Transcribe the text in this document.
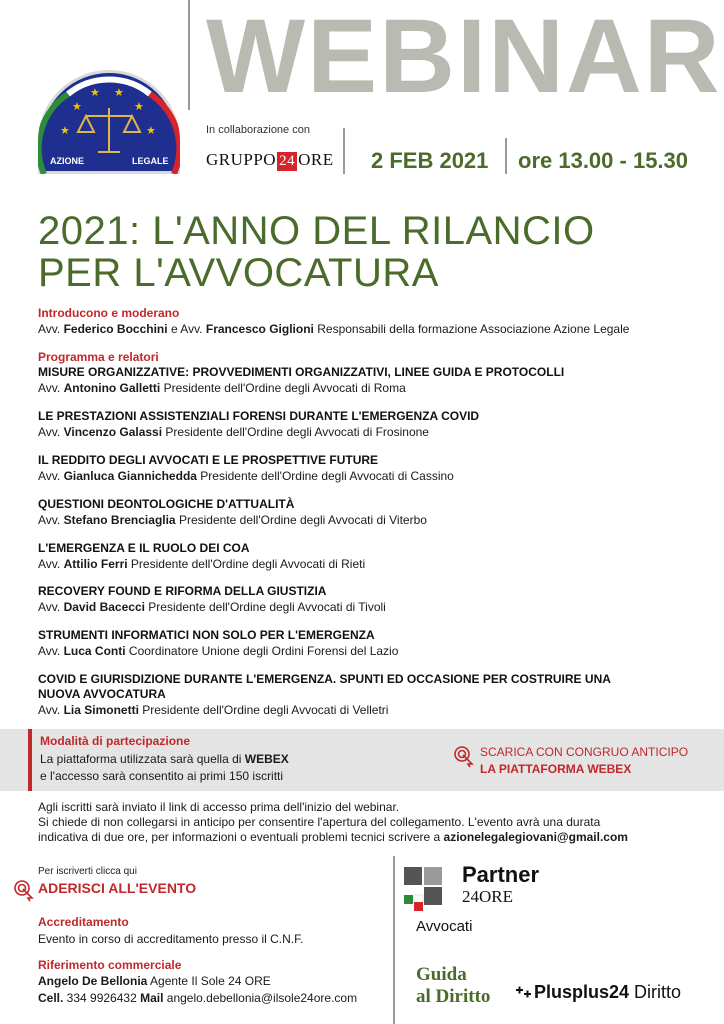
★
★
★ ★
★
★
AZIONE	LEGALE
WEBINAR
In collaborazione con
GRUPPO 24 ORE 2 FEB 2021 ore 13.00 - 15.30
2021: L'ANNO DEL RILANCIO
PER L'AVVOCATURA
Introducono e moderano
Avv. Federico Bocchini e Avv. Francesco Giglioni Responsabili della formazione Associazione Azione Legale
Programma e relatori
MISURE ORGANIZZATIVE: PROVVEDIMENTI ORGANIZZATIVI, LINEE GUIDA E PROTOCOLLI
Avv. Antonino Galletti Presidente dell'Ordine degli Avvocati di Roma
LE PRESTAZIONI ASSISTENZIALI FORENSI DURANTE L'EMERGENZA COVID
Avv. Vincenzo Galassi Presidente dell'Ordine degli Avvocati di Frosinone
IL REDDITO DEGLI AVVOCATI E LE PROSPETTIVE FUTURE
Avv. Gianluca Giannichedda Presidente dell'Ordine degli Avvocati di Cassino
QUESTIONI DEONTOLOGICHE D'ATTUALITÀ
Avv. Stefano Brenciaglia Presidente dell'Ordine degli Avvocati di Viterbo
L'EMERGENZA E IL RUOLO DEI COA
Avv. Attilio Ferri Presidente dell'Ordine degli Avvocati di Rieti
RECOVERY FOUND E RIFORMA DELLA GIUSTIZIA
Avv. David Bacecci Presidente dell'Ordine degli Avvocati di Tivoli
STRUMENTI INFORMATICI NON SOLO PER L'EMERGENZA
Avv. Luca Conti Coordinatore Unione degli Ordini Forensi del Lazio
COVID E GIURISDIZIONE DURANTE L'EMERGENZA. SPUNTI ED OCCASIONE PER COSTRUIRE UNA
NUOVA AVVOCATURA
Avv. Lia Simonetti Presidente dell'Ordine degli Avvocati di Velletri
Modalità di partecipazione
La piattaforma utilizzata sarà quella di WEBEX
e l'accesso sarà consentito ai primi 150 iscritti
SCARICA CON CONGRUO ANTICIPO
LA PIATTAFORMA WEBEX
Agli iscritti sarà inviato il link di accesso prima dell'inizio del webinar.
Si chiede di non collegarsi in anticipo per consentire l'apertura del collegamento. L'evento avrà una durata
indicativa di due ore, per informazioni o eventuali problemi tecnici scrivere a azionelegalegiovani@gmail.com
Per iscriverti clicca qui
ADERISCI ALL'EVENTO
Accreditamento
Evento in corso di accreditamento presso il C.N.F.
Riferimento commerciale
Angelo De Bellonia Agente Il Sole 24 ORE
Cell. 334 9926432 Mail angelo.debellonia@ilsole24ore.com
Partner
24ORE
Avvocati
Guida
al Diritto Plusplus24 Diritto
